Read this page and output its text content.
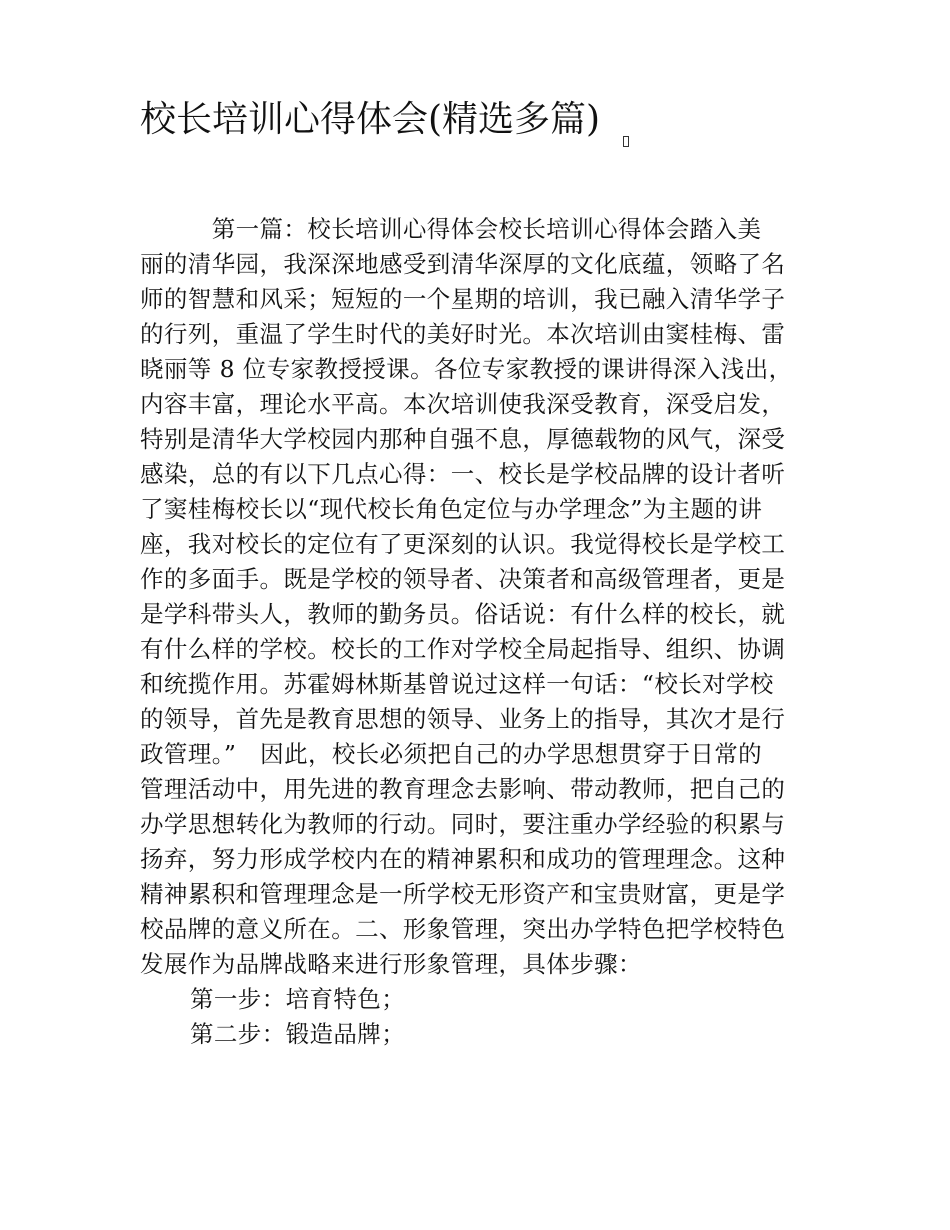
校长培训心得体会(精选多篇)

　　　第一篇：校长培训心得体会校长培训心得体会踏入美

丽的清华园，我深深地感受到清华深厚的文化底蕴，领略了名

师的智慧和风采；短短的一个星期的培训，我已融入清华学子

的行列，重温了学生时代的美好时光。本次培训由窦桂梅、雷

晓丽等 8 位专家教授授课。各位专家教授的课讲得深入浅出，

内容丰富，理论水平高。本次培训使我深受教育，深受启发，

特别是清华大学校园内那种自强不息，厚德载物的风气，深受

感染，总的有以下几点心得：一、校长是学校品牌的设计者听

了窦桂梅校长以“现代校长角色定位与办学理念”为主题的讲

座，我对校长的定位有了更深刻的认识。我觉得校长是学校工

作的多面手。既是学校的领导者、决策者和高级管理者，更是

是学科带头人，教师的勤务员。俗话说：有什么样的校长，就

有什么样的学校。校长的工作对学校全局起指导、组织、协调

和统揽作用。苏霍姆林斯基曾说过这样一句话：“校长对学校

的领导，首先是教育思想的领导、业务上的指导，其次才是行

政管理。”　因此，校长必须把自己的办学思想贯穿于日常的

管理活动中，用先进的教育理念去影响、带动教师，把自己的

办学思想转化为教师的行动。同时，要注重办学经验的积累与

扬弃，努力形成学校内在的精神累积和成功的管理理念。这种

精神累积和管理理念是一所学校无形资产和宝贵财富，更是学

校品牌的意义所在。二、形象管理，突出办学特色把学校特色

发展作为品牌战略来进行形象管理，具体步骤：

第一步：培育特色；

第二步：锻造品牌；
